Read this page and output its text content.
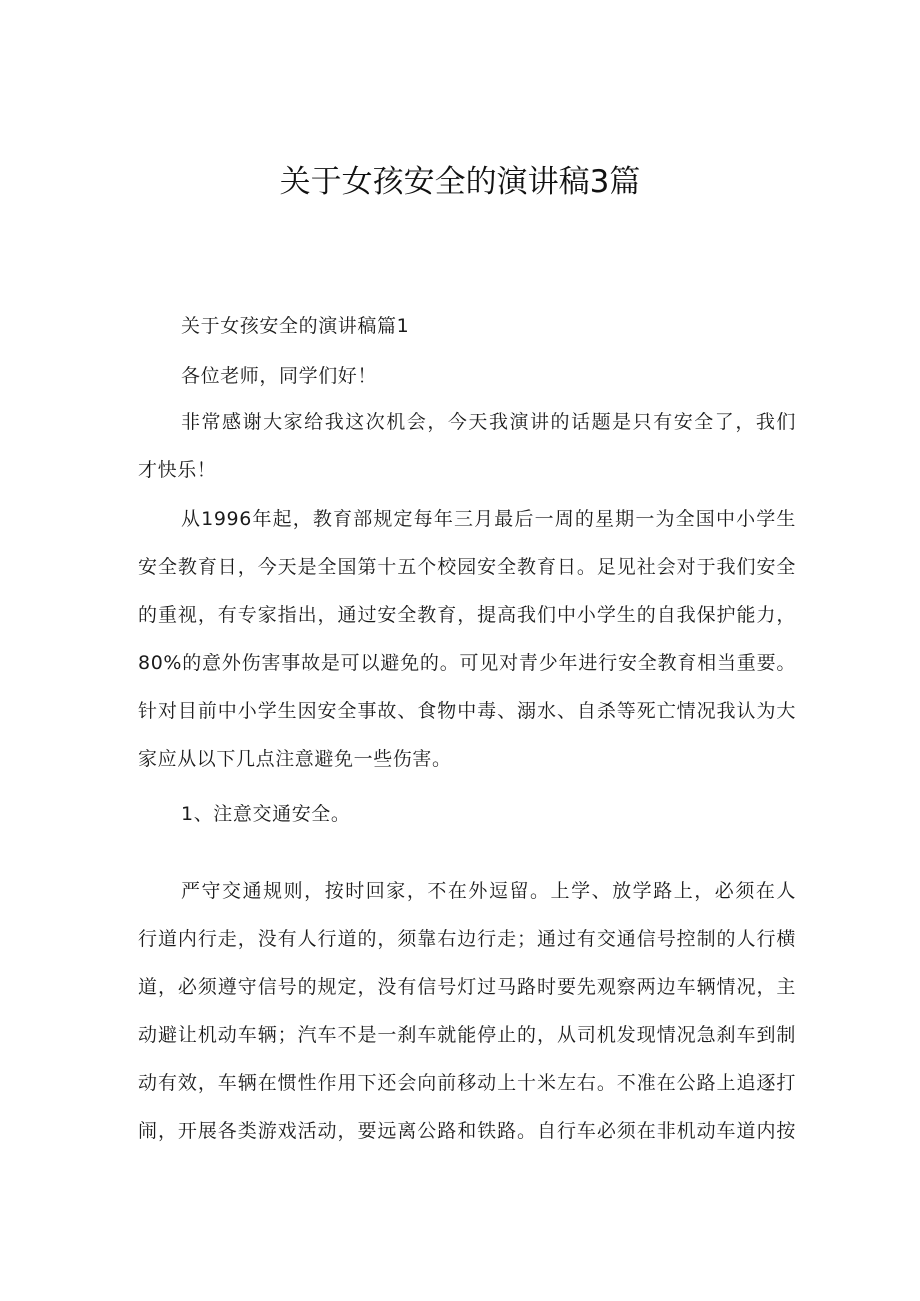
关于女孩安全的演讲稿3篇
关于女孩安全的演讲稿篇1
各位老师，同学们好！
非常感谢大家给我这次机会，今天我演讲的话题是只有安全了，我们
才快乐！
从1996年起，教育部规定每年三月最后一周的星期一为全国中小学生
安全教育日，今天是全国第十五个校园安全教育日。足见社会对于我们安全
的重视，有专家指出，通过安全教育，提高我们中小学生的自我保护能力，
80%的意外伤害事故是可以避免的。可见对青少年进行安全教育相当重要。
针对目前中小学生因安全事故、食物中毒、溺水、自杀等死亡情况我认为大
家应从以下几点注意避免一些伤害。
1、注意交通安全。
严守交通规则，按时回家，不在外逗留。上学、放学路上，必须在人
行道内行走，没有人行道的，须靠右边行走；通过有交通信号控制的人行横
道，必须遵守信号的规定，没有信号灯过马路时要先观察两边车辆情况，主
动避让机动车辆；汽车不是一刹车就能停止的，从司机发现情况急刹车到制
动有效，车辆在惯性作用下还会向前移动上十米左右。不准在公路上追逐打
闹，开展各类游戏活动，要远离公路和铁路。自行车必须在非机动车道内按
